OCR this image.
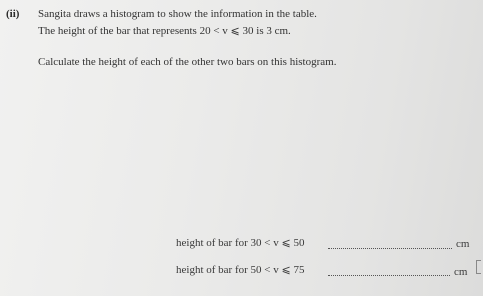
(ii) Sangita draws a histogram to show the information in the table.
The height of the bar that represents 20 < v ⩽ 30 is 3 cm.
Calculate the height of each of the other two bars on this histogram.
height of bar for 30 < v ⩽ 50	cm
height of bar for 50 < v ⩽ 75	cm
